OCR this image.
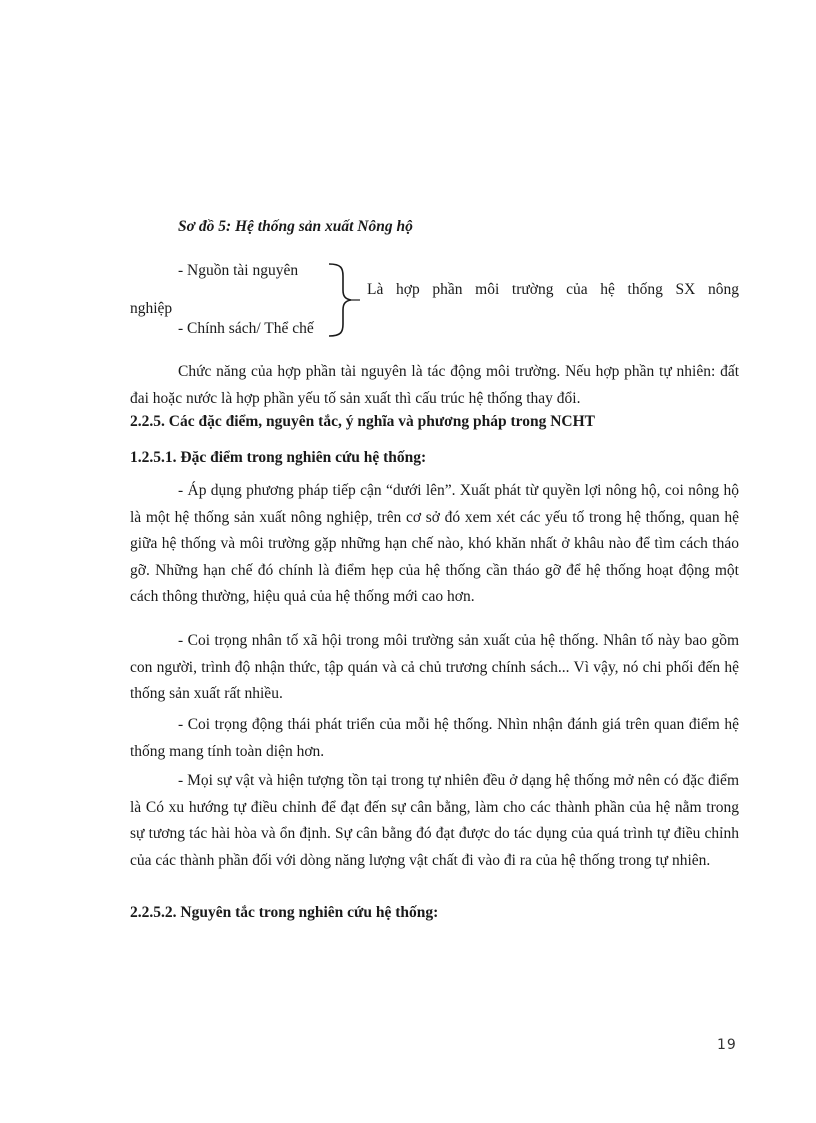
Sơ đồ 5: Hệ thống sản xuất Nông hộ
- Nguồn tài nguyên
- Chính sách/ Thể chế
Là hợp phần môi trường của hệ thống SX nông
nghiệp

Chức năng của hợp phần tài nguyên là tác động môi trường. Nếu hợp phần tự nhiên: đất đai hoặc nước là hợp phần yếu tố sản xuất thì cấu trúc hệ thống thay đổi.

2.2.5. Các đặc điểm, nguyên tắc, ý nghĩa và phương pháp trong NCHT
1.2.5.1. Đặc điểm trong nghiên cứu hệ thống:

- Áp dụng phương pháp tiếp cận “dưới lên”. Xuất phát từ quyền lợi nông hộ, coi nông hộ là một hệ thống sản xuất nông nghiệp, trên cơ sở đó xem xét các yếu tố trong hệ thống, quan hệ giữa hệ thống và môi trường gặp những hạn chế nào, khó khăn nhất ở khâu nào để tìm cách tháo gỡ. Những hạn chế đó chính là điểm hẹp của hệ thống cần tháo gỡ để hệ thống hoạt động một cách thông thường, hiệu quả của hệ thống mới cao hơn.

- Coi trọng nhân tố xã hội trong môi trường sản xuất của hệ thống. Nhân tố này bao gồm con người, trình độ nhận thức, tập quán và cả chủ trương chính sách... Vì vậy, nó chi phối đến hệ thống sản xuất rất nhiều.

- Coi trọng động thái phát triển của mỗi hệ thống. Nhìn nhận đánh giá trên quan điểm hệ thống mang tính toàn diện hơn.

- Mọi sự vật và hiện tượng tồn tại trong tự nhiên đều ở dạng hệ thống mở nên có đặc điểm là Có xu hướng tự điều chỉnh để đạt đến sự cân bằng, làm cho các thành phần của hệ nằm trong sự tương tác hài hòa và ổn định. Sự cân bằng đó đạt được do tác dụng của quá trình tự điều chỉnh của các thành phần đối với dòng năng lượng vật chất đi vào đi ra của hệ thống trong tự nhiên.

2.2.5.2. Nguyên tắc trong nghiên cứu hệ thống:
19
